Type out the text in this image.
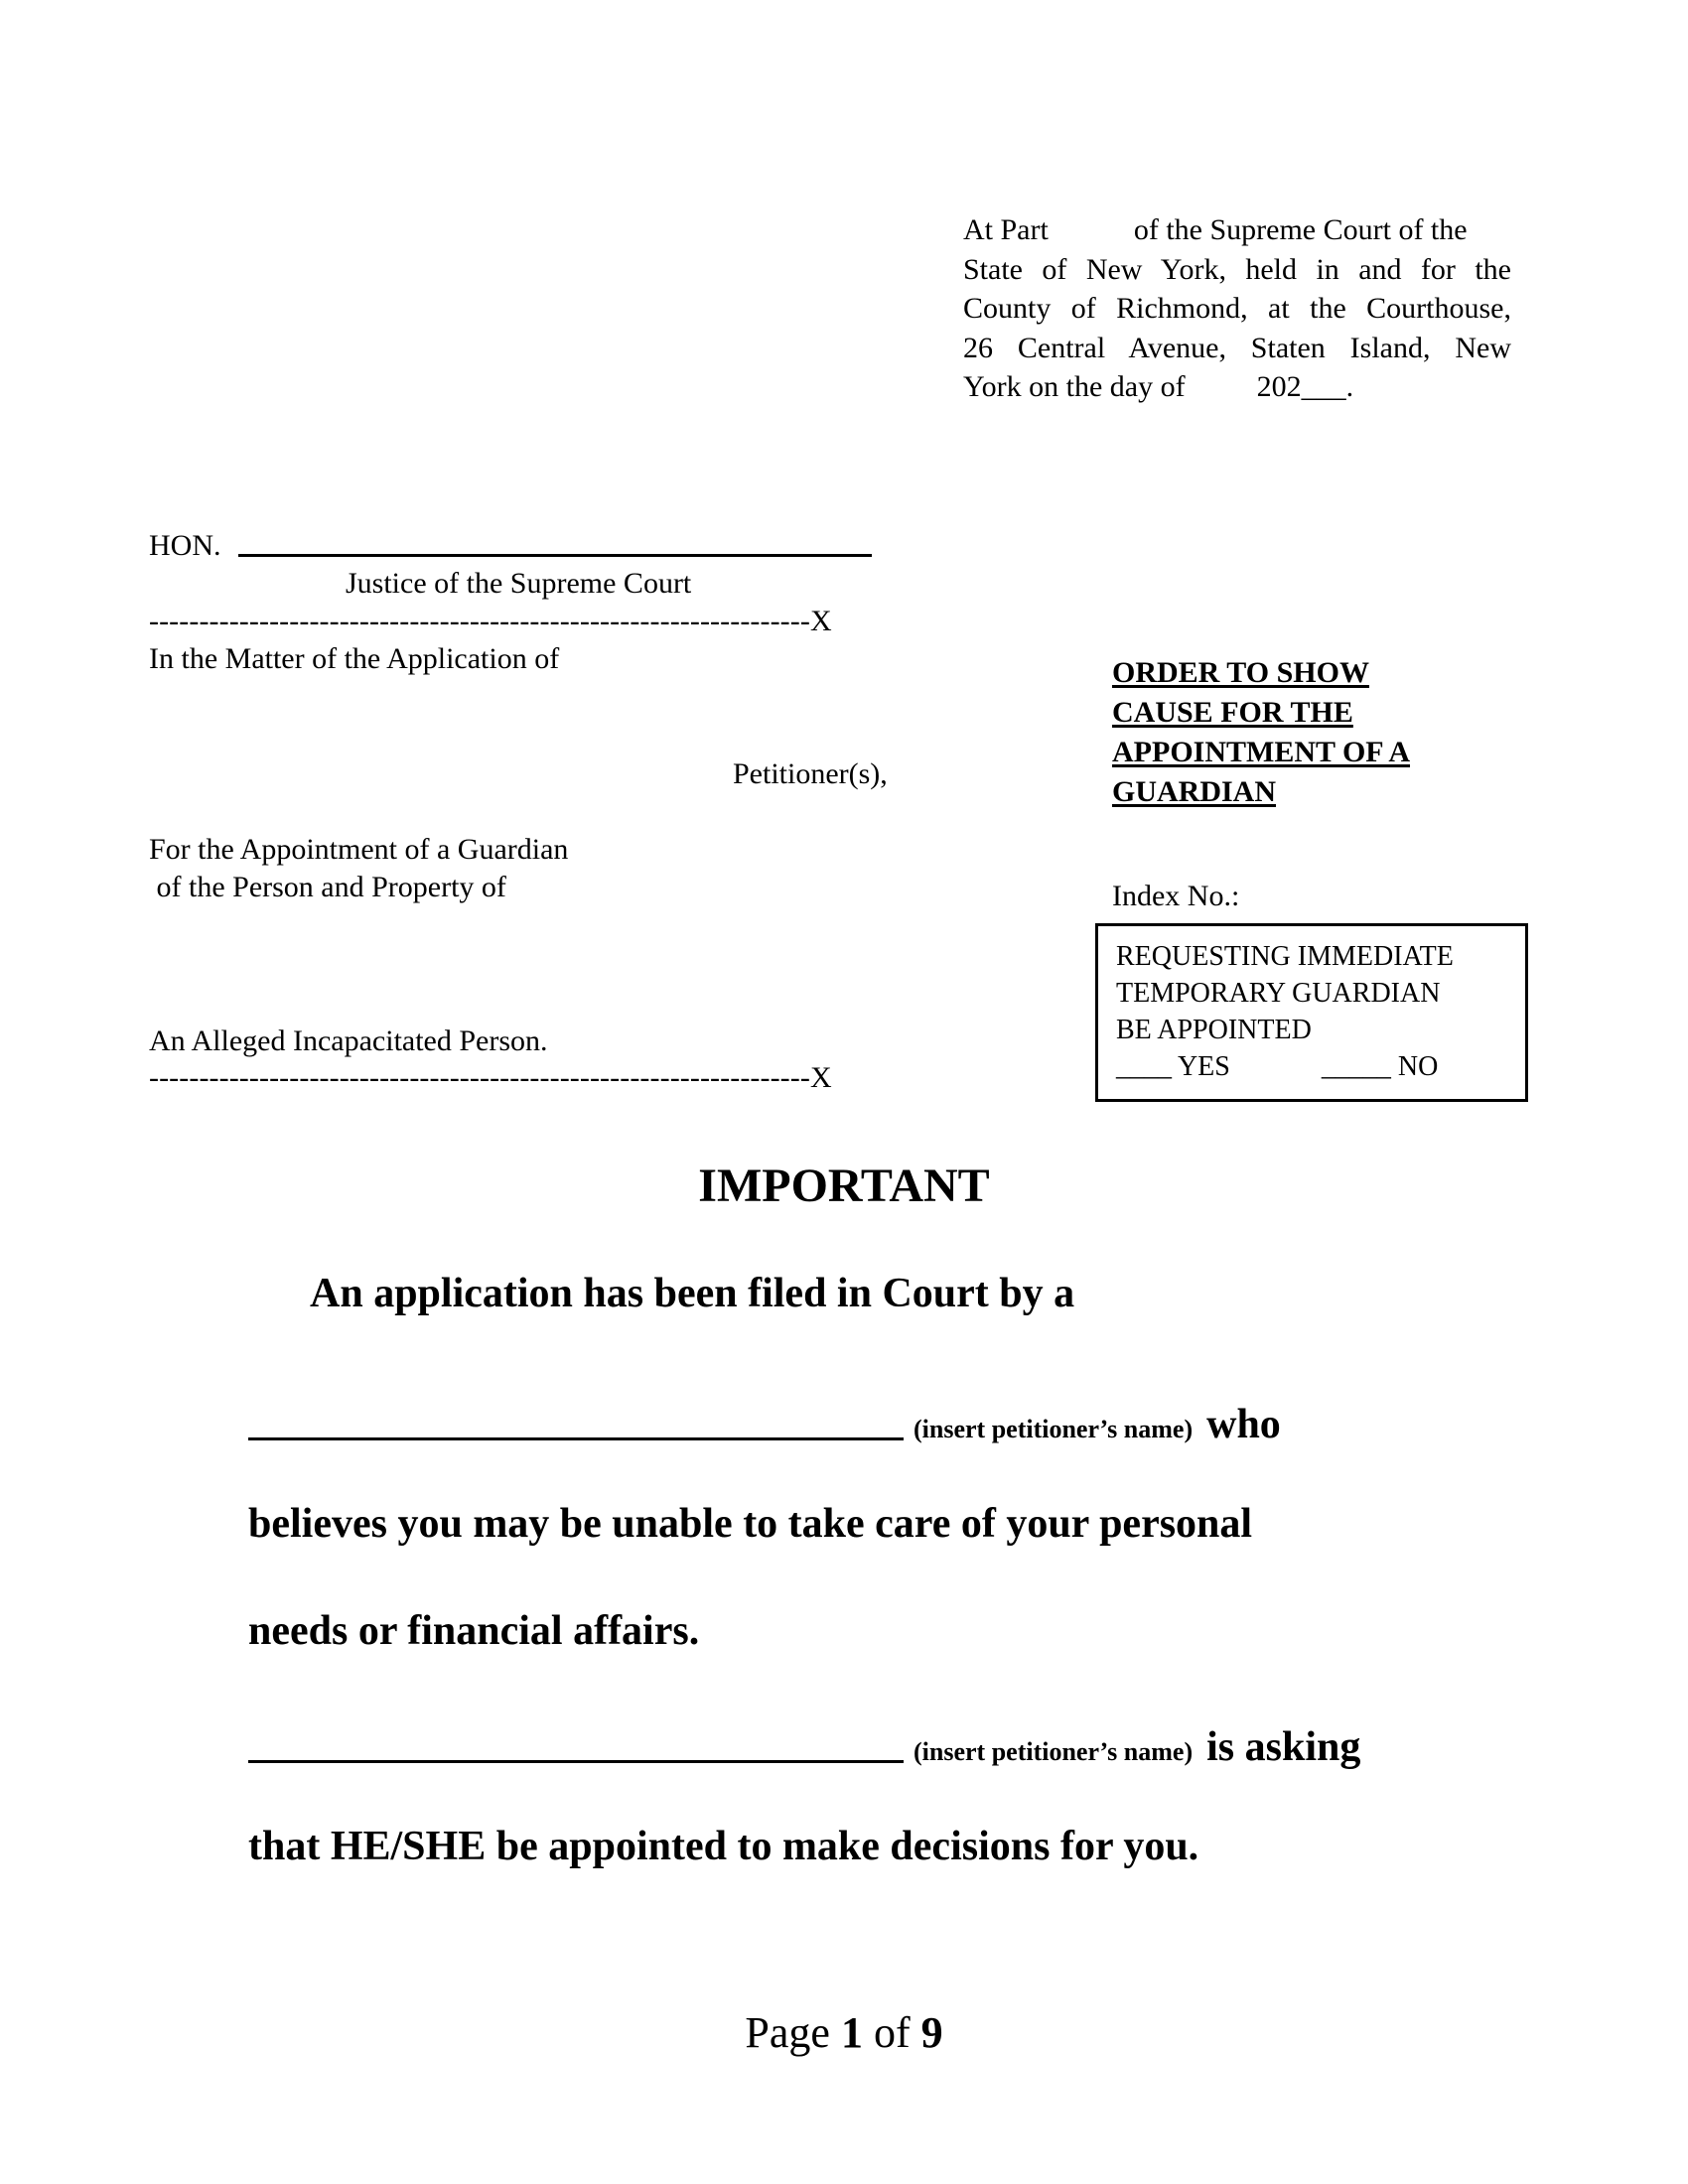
At Part	of the Supreme Court of the
State of New York, held in and for the
County of Richmond, at the Courthouse,
26 Central Avenue, Staten Island, New
York on the day of 202___.
HON.
Justice of the Supreme Court
------------------------------------------------------------------X
In the Matter of the Application of
Petitioner(s),
For the Appointment of a Guardian
of the Person and Property of
An Alleged Incapacitated Person.
------------------------------------------------------------------X
ORDER TO SHOW
CAUSE FOR THE
APPOINTMENT OF A
GUARDIAN
Index No.:
REQUESTING IMMEDIATE
TEMPORARY GUARDIAN
BE APPOINTED
____ YES	_____ NO
IMPORTANT
An application has been filed in Court by a
(insert petitioner’s name) who
believes you may be unable to take care of your personal
needs or financial affairs.
(insert petitioner’s name) is asking
that HE/SHE be appointed to make decisions for you.
Page 1 of 9
